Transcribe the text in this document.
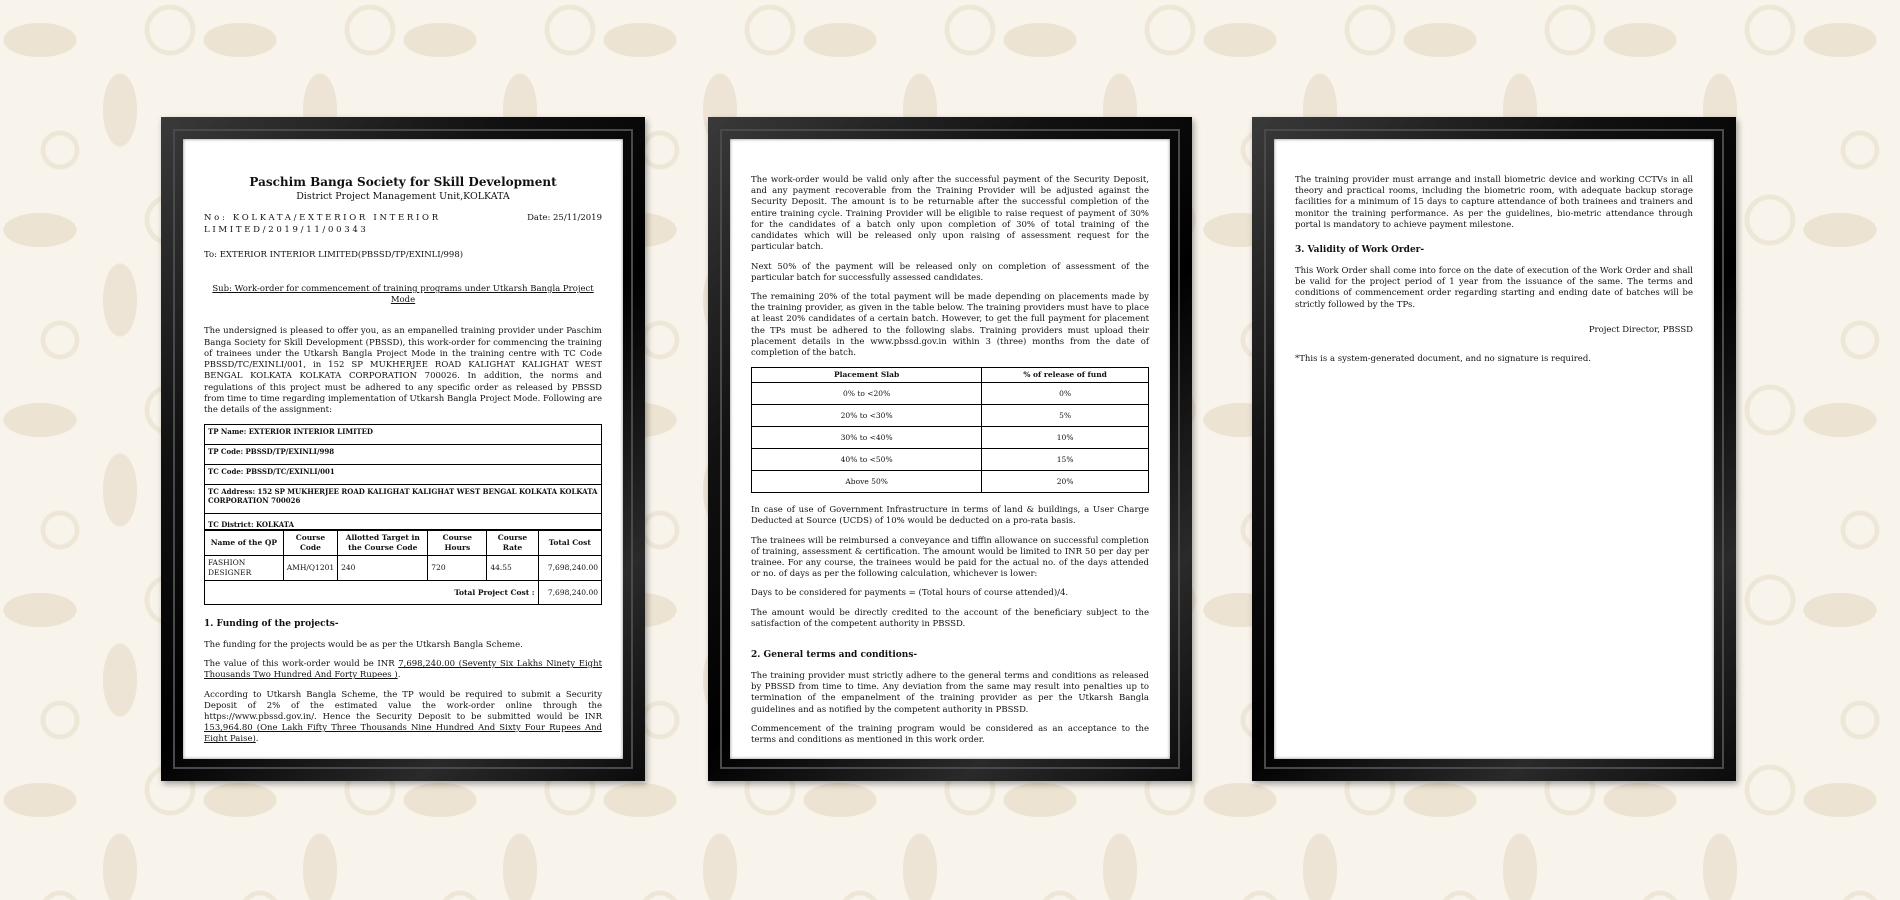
Paschim Banga Society for Skill Development

District Project Management Unit,KOLKATA

No: KOLKATA/EXTERIOR INTERIOR LIMITED/2019/11/00343
Date: 25/11/2019

To: EXTERIOR INTERIOR LIMITED(PBSSD/TP/EXINLI/998)

Sub: Work-order for commencement of training programs under Utkarsh Bangla Project Mode

The undersigned is pleased to offer you, as an empanelled training provider under Paschim Banga Society for Skill Development (PBSSD), this work-order for commencing the training of trainees under the Utkarsh Bangla Project Mode in the training centre with TC Code PBSSD/TC/EXINLI/001, in 152 SP MUKHERJEE ROAD KALIGHAT KALIGHAT WEST BENGAL KOLKATA KOLKATA CORPORATION 700026. In addition, the norms and regulations of this project must be adhered to any specific order as released by PBSSD from time to time regarding implementation of Utkarsh Bangla Project Mode. Following are the details of the assignment:

TP Name: EXTERIOR INTERIOR LIMITED
TP Code: PBSSD/TP/EXINLI/998
TC Code: PBSSD/TC/EXINLI/001
TC Address: 152 SP MUKHERJEE ROAD KALIGHAT KALIGHAT WEST BENGAL KOLKATA KOLKATA CORPORATION 700026
TC District: KOLKATA
Name of the QP	Course Code	Allotted Target in the Course Code	Course Hours	Course Rate	Total Cost
FASHION DESIGNER	AMH/Q1201	240	720	44.55	7,698,240.00
Total Project Cost :					7,698,240.00
1. Funding of the projects-

The funding for the projects would be as per the Utkarsh Bangla Scheme.

The value of this work-order would be INR 7,698,240.00 (Seventy Six Lakhs Ninety Eight Thousands Two Hundred And Forty Rupees ).

According to Utkarsh Bangla Scheme, the TP would be required to submit a Security Deposit of 2% of the estimated value the work-order online through the https://www.pbssd.gov.in/. Hence the Security Deposit to be submitted would be INR 153,964.80 (One Lakh Fifty Three Thousands Nine Hundred And Sixty Four Rupees And Eight Paise).

The work-order would be valid only after the successful payment of the Security Deposit, and any payment recoverable from the Training Provider will be adjusted against the Security Deposit. The amount is to be returnable after the successful completion of the entire training cycle. Training Provider will be eligible to raise request of payment of 30% for the candidates of a batch only upon completion of 30% of total training of the candidates which will be released only upon raising of assessment request for the particular batch.

Next 50% of the payment will be released only on completion of assessment of the particular batch for successfully assessed candidates.

The remaining 20% of the total payment will be made depending on placements made by the training provider, as given in the table below. The training providers must have to place at least 20% candidates of a certain batch. However, to get the full payment for placement the TPs must be adhered to the following slabs. Training providers must upload their placement details in the www.pbssd.gov.in within 3 (three) months from the date of completion of the batch.

Placement Slab	% of release of fund
0% to <20%	0%
20% to <30%	5%
30% to <40%	10%
40% to <50%	15%
Above 50%	20%

In case of use of Government Infrastructure in terms of land & buildings, a User Charge Deducted at Source (UCDS) of 10% would be deducted on a pro-rata basis.

The trainees will be reimbursed a conveyance and tiffin allowance on successful completion of training, assessment & certification. The amount would be limited to INR 50 per day per trainee. For any course, the trainees would be paid for the actual no. of the days attended or no. of days as per the following calculation, whichever is lower:

Days to be considered for payments = (Total hours of course attended)/4.

The amount would be directly credited to the account of the beneficiary subject to the satisfaction of the competent authority in PBSSD.

2. General terms and conditions-

The training provider must strictly adhere to the general terms and conditions as released by PBSSD from time to time. Any deviation from the same may result into penalties up to termination of the empanelment of the training provider as per the Utkarsh Bangla guidelines and as notified by the competent authority in PBSSD.

Commencement of the training program would be considered as an acceptance to the terms and conditions as mentioned in this work order.

The training provider must arrange and install biometric device and working CCTVs in all theory and practical rooms, including the biometric room, with adequate backup storage facilities for a minimum of 15 days to capture attendance of both trainees and trainers and monitor the training performance. As per the guidelines, bio-metric attendance through portal is mandatory to achieve payment milestone.

3. Validity of Work Order-

This Work Order shall come into force on the date of execution of the Work Order and shall be valid for the project period of 1 year from the issuance of the same. The terms and conditions of commencement order regarding starting and ending date of batches will be strictly followed by the TPs.

Project Director, PBSSD

*This is a system-generated document, and no signature is required.
